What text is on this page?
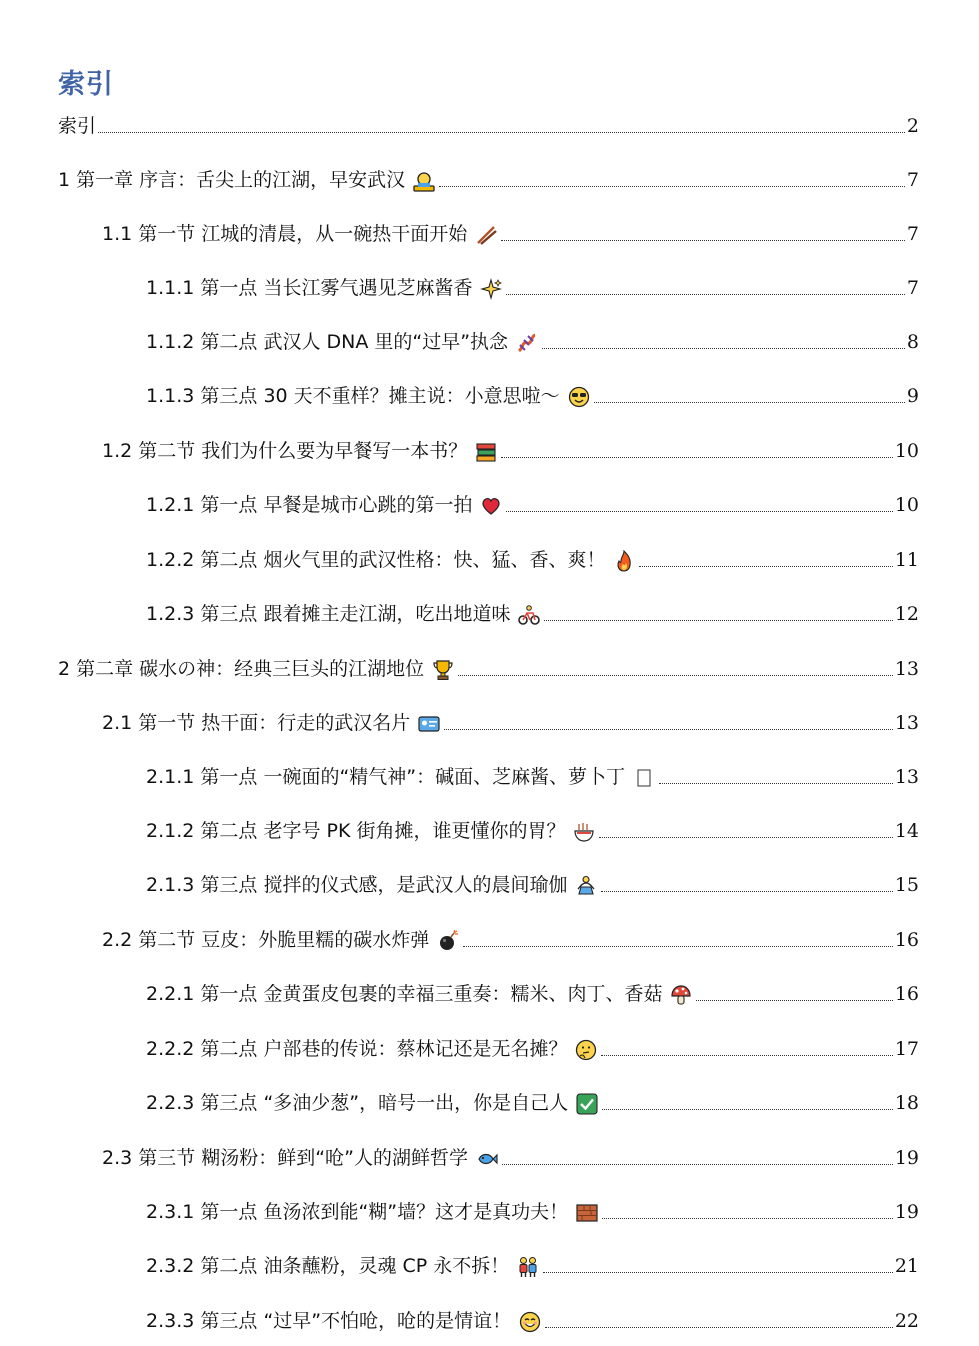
索引
索引	2
1 第一章 序言：舌尖上的江湖，早安武汉	7
1.1 第一节 江城的清晨，从一碗热干面开始	7
1.1.1 第一点 当长江雾气遇见芝麻酱香	7
1.1.2 第二点 武汉人 DNA 里的“过早”执念	8
1.1.3 第三点 30 天不重样？摊主说：小意思啦～	9
1.2 第二节 我们为什么要为早餐写一本书？	10
1.2.1 第一点 早餐是城市心跳的第一拍	10
1.2.2 第二点 烟火气里的武汉性格：快、猛、香、爽！	11
1.2.3 第三点 跟着摊主走江湖，吃出地道味	12
2 第二章 碳水の神：经典三巨头的江湖地位	13
2.1 第一节 热干面：行走的武汉名片	13
2.1.1 第一点 一碗面的“精气神”：碱面、芝麻酱、萝卜丁	13
2.1.2 第二点 老字号 PK 街角摊，谁更懂你的胃？	14
2.1.3 第三点 搅拌的仪式感，是武汉人的晨间瑜伽	15
2.2 第二节 豆皮：外脆里糯的碳水炸弹	16
2.2.1 第一点 金黄蛋皮包裹的幸福三重奏：糯米、肉丁、香菇	16
2.2.2 第二点 户部巷的传说：蔡林记还是无名摊？	17
2.2.3 第三点 “多油少葱”，暗号一出，你是自己人	18
2.3 第三节 糊汤粉：鲜到“呛”人的湖鲜哲学	19
2.3.1 第一点 鱼汤浓到能“糊”墙？这才是真功夫！	19
2.3.2 第二点 油条蘸粉，灵魂 CP 永不拆！	21
2.3.3 第三点 “过早”不怕呛，呛的是情谊！	22
